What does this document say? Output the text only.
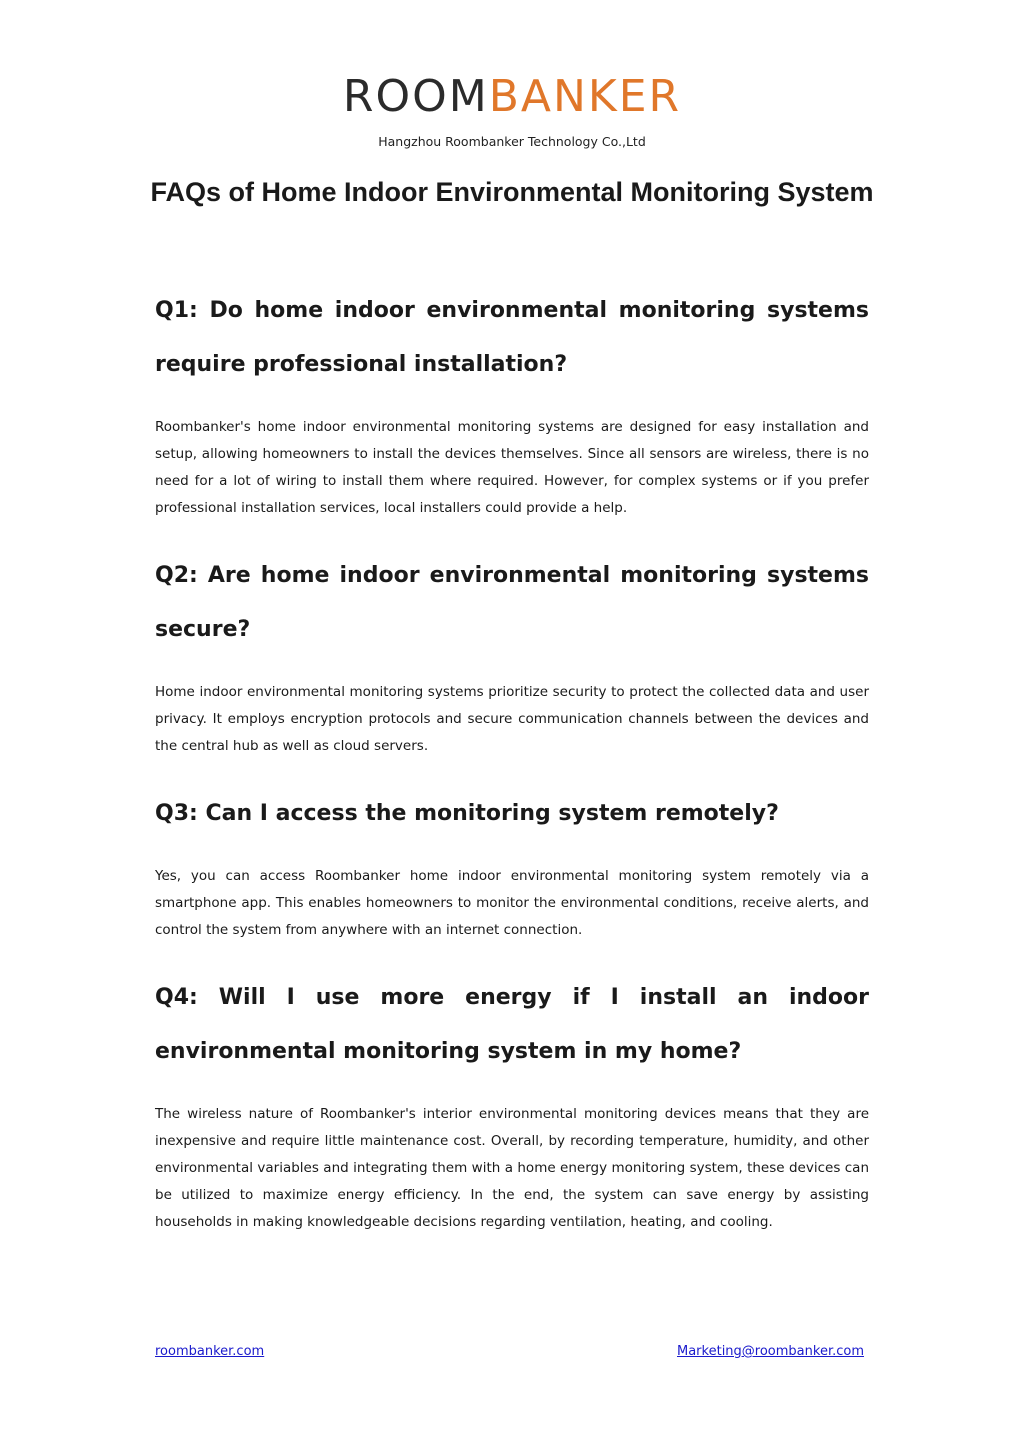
ROOMBANKER
Hangzhou Roombanker Technology Co.,Ltd
FAQs of Home Indoor Environmental Monitoring System
Q1: Do home indoor environmental monitoring systems require professional installation?

Roombanker's home indoor environmental monitoring systems are designed for easy installation and setup, allowing homeowners to install the devices themselves. Since all sensors are wireless, there is no need for a lot of wiring to install them where required. However, for complex systems or if you prefer professional installation services, local installers could provide a help.

Q2: Are home indoor environmental monitoring systems secure?

Home indoor environmental monitoring systems prioritize security to protect the collected data and user privacy. It employs encryption protocols and secure communication channels between the devices and the central hub as well as cloud servers.

Q3: Can I access the monitoring system remotely?

Yes, you can access Roombanker home indoor environmental monitoring system remotely via a smartphone app. This enables homeowners to monitor the environmental conditions, receive alerts, and control the system from anywhere with an internet connection.

Q4: Will I use more energy if I install an indoor environmental monitoring system in my home?

The wireless nature of Roombanker's interior environmental monitoring devices means that they are inexpensive and require little maintenance cost. Overall, by recording temperature, humidity, and other environmental variables and integrating them with a home energy monitoring system, these devices can be utilized to maximize energy efficiency. In the end, the system can save energy by assisting households in making knowledgeable decisions regarding ventilation, heating, and cooling.

roombanker.com	Marketing@roombanker.com
